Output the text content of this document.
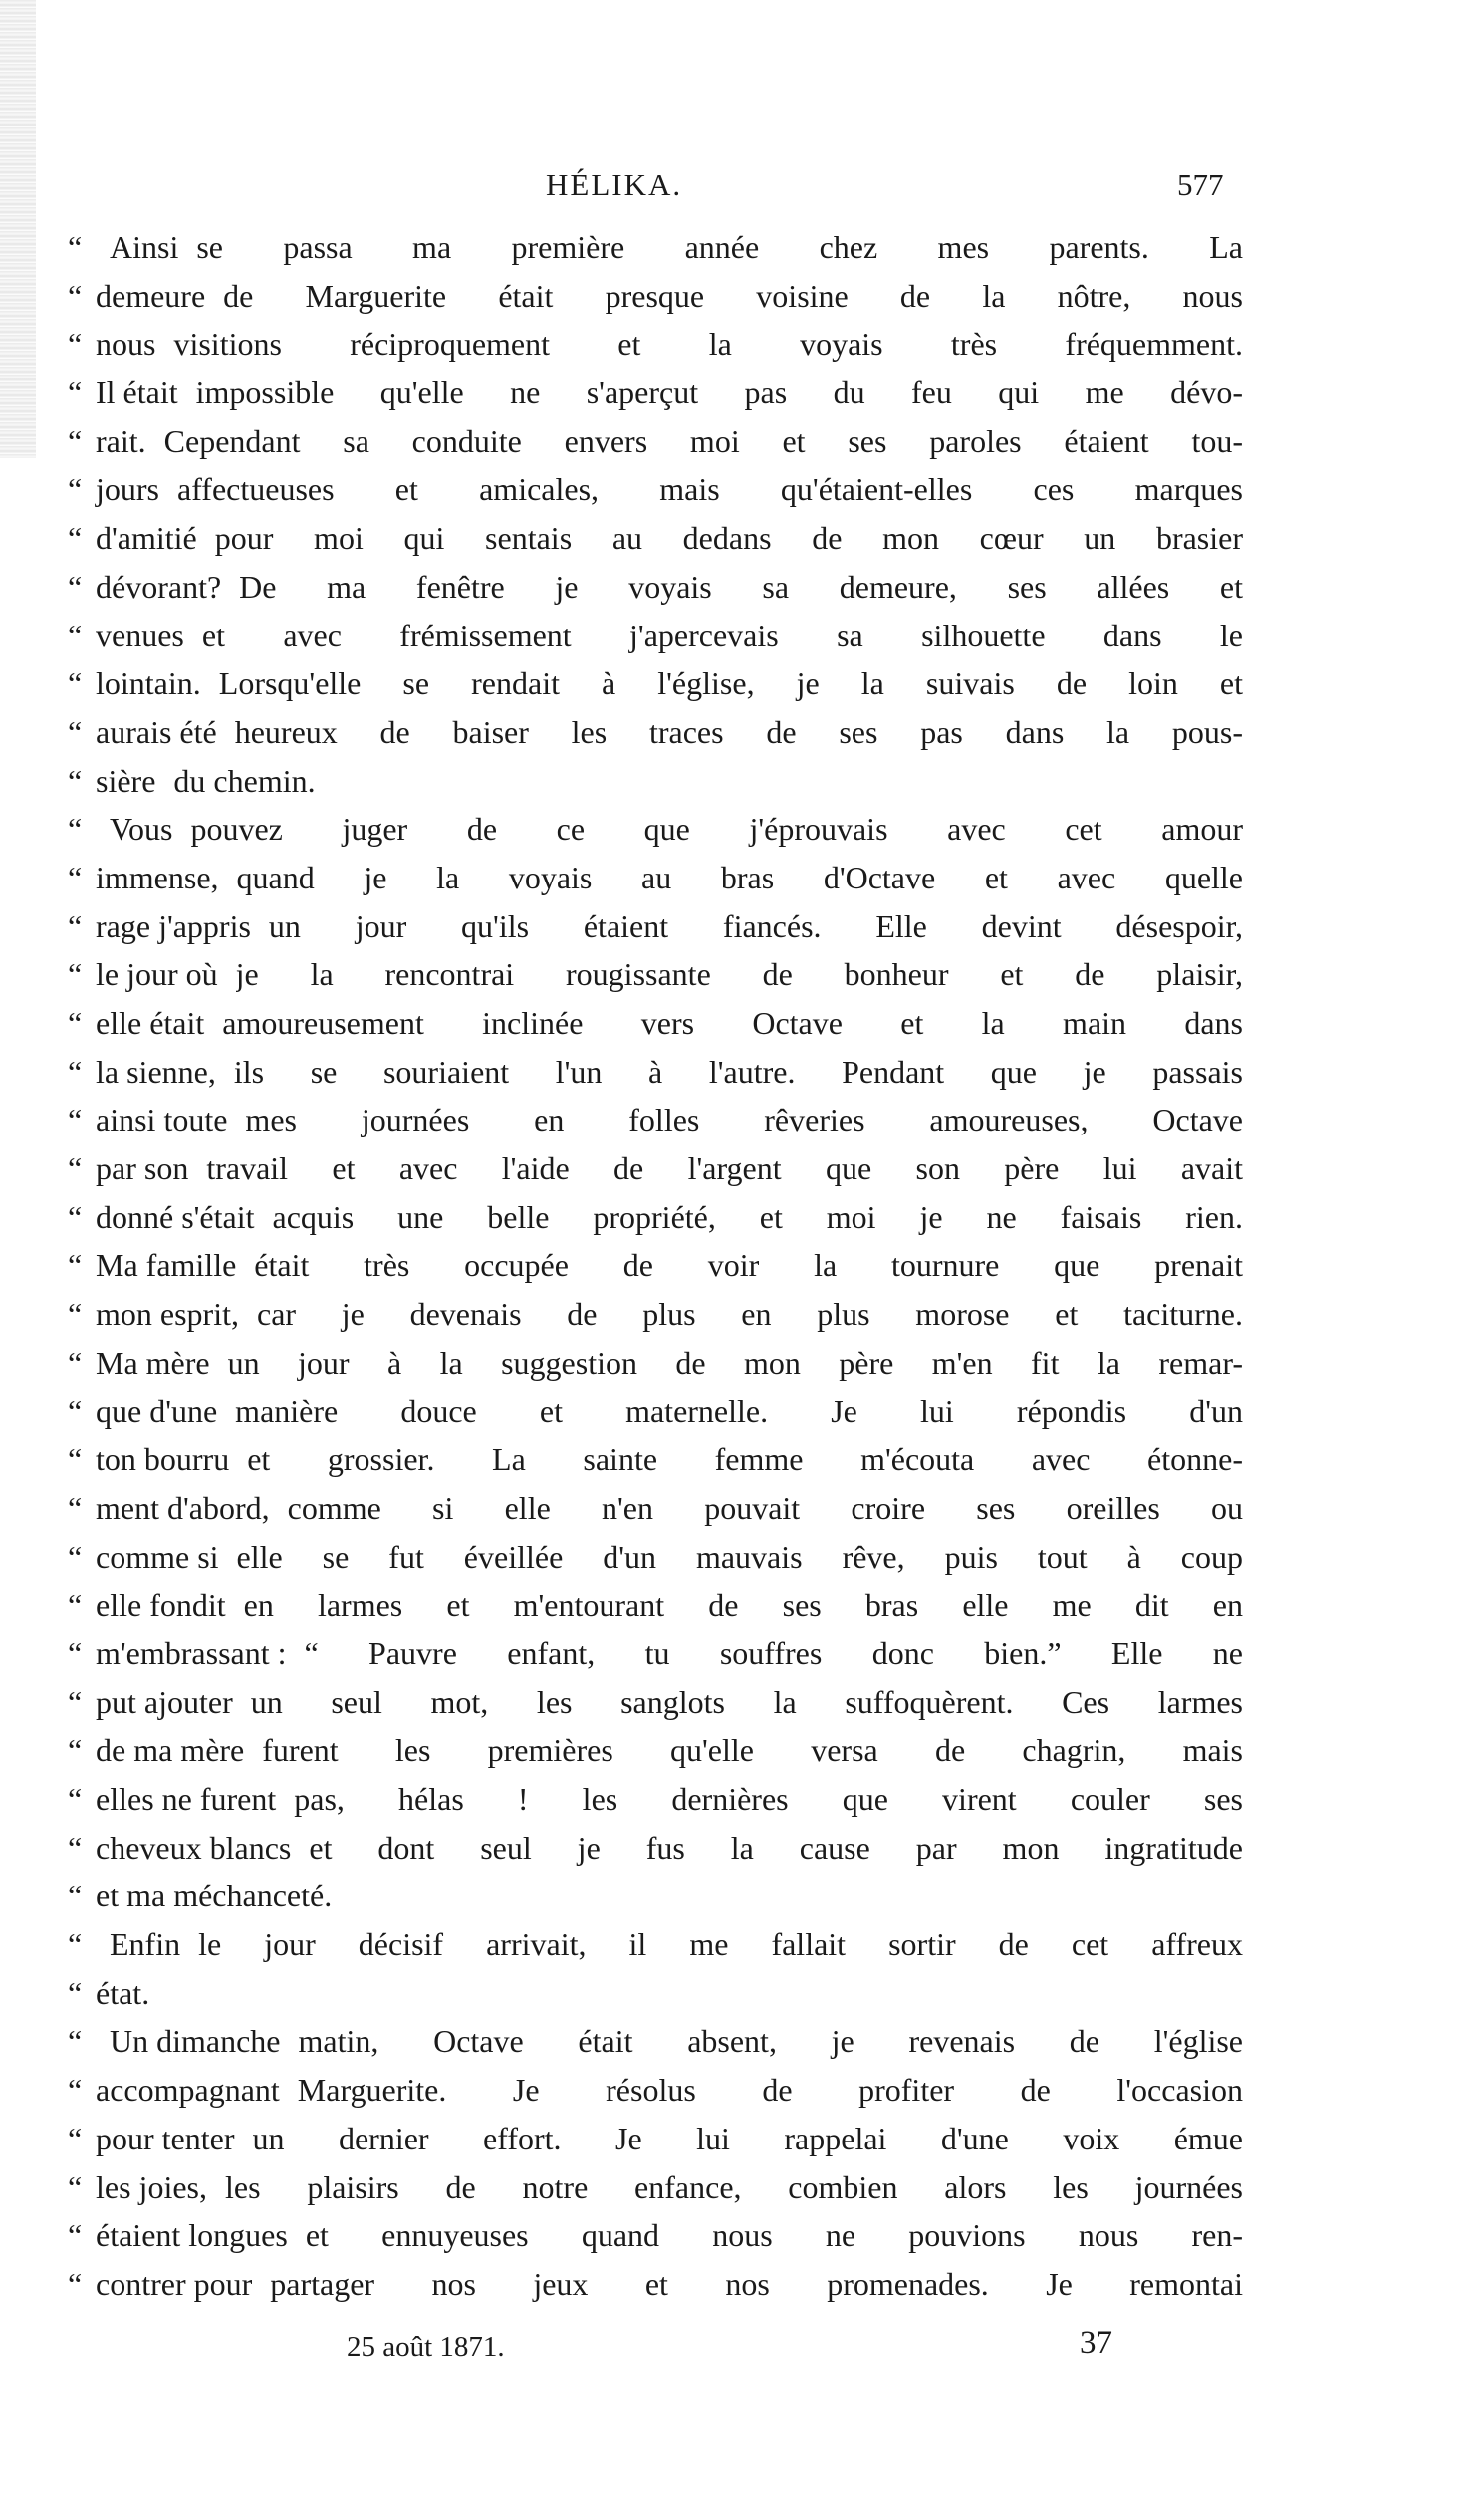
HÉLIKA.	577
“ Ainsi se passa ma première année chez mes parents. La
“ demeure de Marguerite était presque voisine de la nôtre, nous
“ nous visitions réciproquement et la voyais très fréquemment.
“ Il était impossible qu'elle ne s'aperçut pas du feu qui me dévo-
“ rait. Cependant sa conduite envers moi et ses paroles étaient tou-
“ jours affectueuses et amicales, mais qu'étaient-elles ces marques
“ d'amitié pour moi qui sentais au dedans de mon cœur un brasier
“ dévorant? De ma fenêtre je voyais sa demeure, ses allées et
“ venues et avec frémissement j'apercevais sa silhouette dans le
“ lointain. Lorsqu'elle se rendait à l'église, je la suivais de loin et
“ aurais été heureux de baiser les traces de ses pas dans la pous-
“ sière du chemin.
“ Vous pouvez juger de ce que j'éprouvais avec cet amour
“ immense, quand je la voyais au bras d'Octave et avec quelle
“ rage j'appris un jour qu'ils étaient fiancés. Elle devint désespoir,
“ le jour où je la rencontrai rougissante de bonheur et de plaisir,
“ elle était amoureusement inclinée vers Octave et la main dans
“ la sienne, ils se souriaient l'un à l'autre. Pendant que je passais
“ ainsi toute mes journées en folles rêveries amoureuses, Octave
“ par son travail et avec l'aide de l'argent que son père lui avait
“ donné s'était acquis une belle propriété, et moi je ne faisais rien.
“ Ma famille était très occupée de voir la tournure que prenait
“ mon esprit, car je devenais de plus en plus morose et taciturne.
“ Ma mère un jour à la suggestion de mon père m'en fit la remar-
“ que d'une manière douce et maternelle. Je lui répondis d'un
“ ton bourru et grossier. La sainte femme m'écouta avec étonne-
“ ment d'abord, comme si elle n'en pouvait croire ses oreilles ou
“ comme si elle se fut éveillée d'un mauvais rêve, puis tout à coup
“ elle fondit en larmes et m'entourant de ses bras elle me dit en
“ m'embrassant : “ Pauvre enfant, tu souffres donc bien.” Elle ne
“ put ajouter un seul mot, les sanglots la suffoquèrent. Ces larmes
“ de ma mère furent les premières qu'elle versa de chagrin, mais
“ elles ne furent pas, hélas ! les dernières que virent couler ses
“ cheveux blancs et dont seul je fus la cause par mon ingratitude
“ et ma méchanceté.
“ Enfin le jour décisif arrivait, il me fallait sortir de cet affreux
“ état.
“ Un dimanche matin, Octave était absent, je revenais de l'église
“ accompagnant Marguerite. Je résolus de profiter de l'occasion
“ pour tenter un dernier effort. Je lui rappelai d'une voix émue
“ les joies, les plaisirs de notre enfance, combien alors les journées
“ étaient longues et ennuyeuses quand nous ne pouvions nous ren-
“ contrer pour partager nos jeux et nos promenades. Je remontai
25 août 1871.	37
